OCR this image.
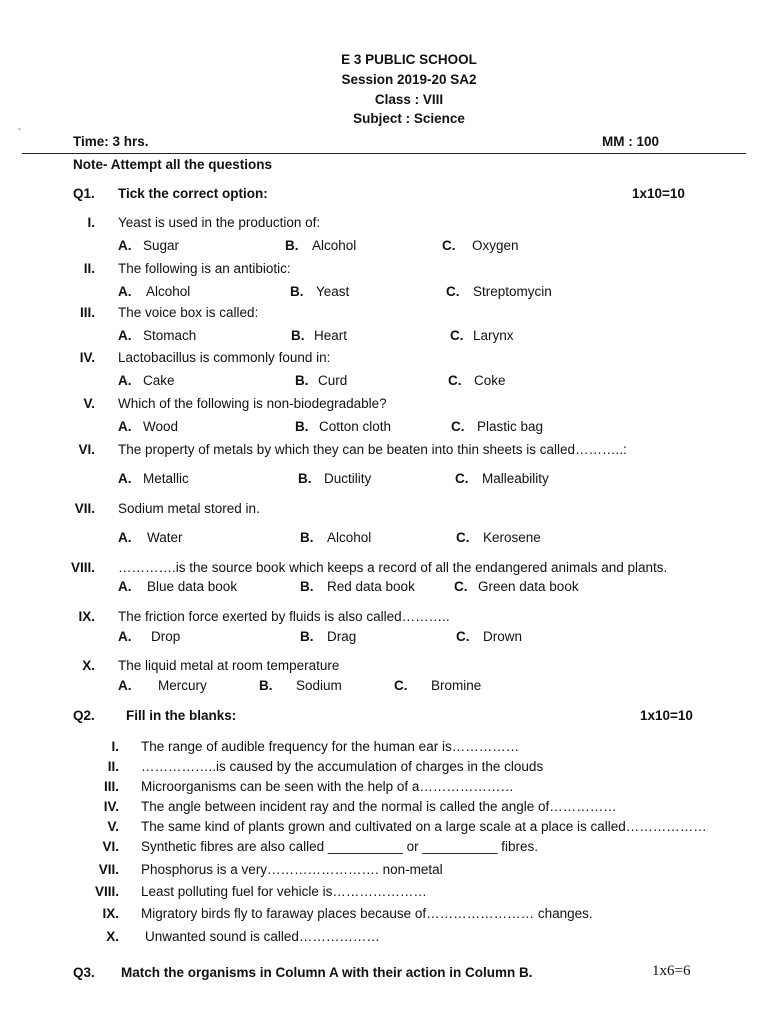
E 3 PUBLIC SCHOOL
Session 2019-20 SA2
Class : VIII
Subject : Science
`
Time: 3 hrs.	MM : 100
Note- Attempt all the questions
Q1. Tick the correct option:	1x10=10
I. Yeast is used in the production of:
A. Sugar	B. Alcohol	C. Oxygen
II. The following is an antibiotic:
A. Alcohol	B. Yeast	C. Streptomycin
III. The voice box is called:
A. Stomach	B. Heart	C. Larynx
IV. Lactobacillus is commonly found in:
A. Cake	B. Curd	C. Coke
V. Which of the following is non-biodegradable?
A. Wood	B. Cotton cloth	C. Plastic bag
VI. The property of metals by which they can be beaten into thin sheets is called………..:
A. Metallic	B. Ductility	C. Malleability
VII. Sodium metal stored in.
A. Water	B. Alcohol	C. Kerosene
VIII. ………….is the source book which keeps a record of all the endangered animals and plants.
A. Blue data book	B. Red data book	C. Green data book
IX. The friction force exerted by fluids is also called………..
A. Drop	B. Drag	C. Drown
X. The liquid metal at room temperature
A. Mercury	B. Sodium	C. Bromine
Q2. Fill in the blanks:	1x10=10
I. The range of audible frequency for the human ear is……………
II. ……………..is caused by the accumulation of charges in the clouds
III. Microorganisms can be seen with the help of a…………………
IV. The angle between incident ray and the normal is called the angle of……………
V. The same kind of plants grown and cultivated on a large scale at a place is called………………
VI. Synthetic fibres are also called __________ or __________ fibres.
VII. Phosphorus is a very……………………. non-metal
VIII. Least polluting fuel for vehicle is…………………
IX. Migratory birds fly to faraway places because of…………………… changes.
X. Unwanted sound is called………………
Q3. Match the organisms in Column A with their action in Column B.	1x6=6
